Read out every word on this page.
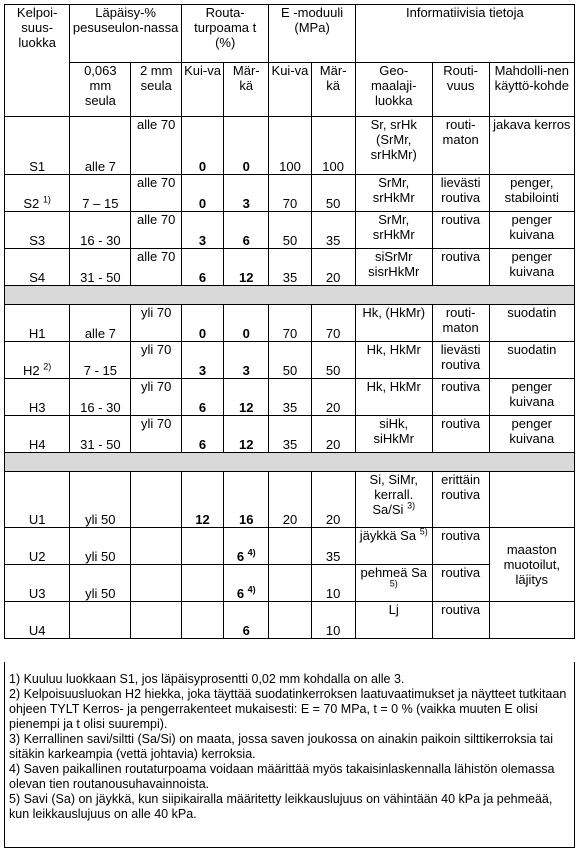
Kelpoi-suus-luokka	Läpäisy-% pesuseulon-nassa		Routa-turpoama t (%)		E -moduuli (MPa)		Informatiivisia tietoja		
	0,063 mm seula	2 mm seula	Kui-va	Mär-kä	Kui-va	Mär-kä	Geo-maalaji-luokka	Routi-vuus	Mahdolli-nen käyttö-kohde
S1	alle 7	alle 70	0	0	100	100	Sr, srHk (SrMr, srHkMr)	routi-maton	jakava kerros
S2 $^{1)}$	7 – 15	alle 70	0	3	70	50	SrMr, srHkMr	lievästi routiva	penger, stabilointi
S3	16 - 30	alle 70	3	6	50	35	SrMr, srHkMr	routiva	penger kuivana
S4	31 - 50	alle 70	6	12	35	20	siSrMr sisrHkMr	routiva	penger kuivana

H1	alle 7	yli 70	0	0	70	70	Hk, (HkMr)	routi-maton	suodatin
H2 $^{2)}$	7 - 15	yli 70	3	3	50	50	Hk, HkMr	lievästi routiva	suodatin
H3	16 - 30	yli 70	6	12	35	20	Hk, HkMr	routiva	penger kuivana
H4	31 - 50	yli 70	6	12	35	20	siHk, siHkMr	routiva	penger kuivana

U1	yli 50		12	16	20	20	Si, SiMr, kerrall. Sa/Si $^{3)}$	erittäin routiva	
U2	yli 50			6 $^{4)}$		35	jäykkä Sa $^{5)}$	routiva	maaston muotoilut, läjitys
U3	yli 50			6 $^{4)}$		10	pehmeä Sa $^{5)}$	routiva	
U4				6		10	Lj	routiva	

1) Kuuluu luokkaan S1, jos läpäisyprosentti 0,02 mm kohdalla on alle 3.

2) Kelpoisuusluokan H2 hiekka, joka täyttää suodatinkerroksen laatuvaatimukset ja näytteet tutkitaan ohjeen TYLT Kerros- ja pengerrakenteet mukaisesti: E = 70 MPa, t = 0 % (vaikka muuten E olisi pienempi ja t olisi suurempi).

3) Kerrallinen savi/siltti (Sa/Si) on maata, jossa saven joukossa on ainakin paikoin silttikerroksia tai sitäkin karkeampia (vettä johtavia) kerroksia.

4) Saven paikallinen routaturpoama voidaan määrittää myös takaisinlaskennalla lähistön olemassa olevan tien routanousuhavainnoista.

5) Savi (Sa) on jäykkä, kun siipikairalla määritetty leikkauslujuus on vähintään 40 kPa ja pehmeää, kun leikkauslujuus on alle 40 kPa.
